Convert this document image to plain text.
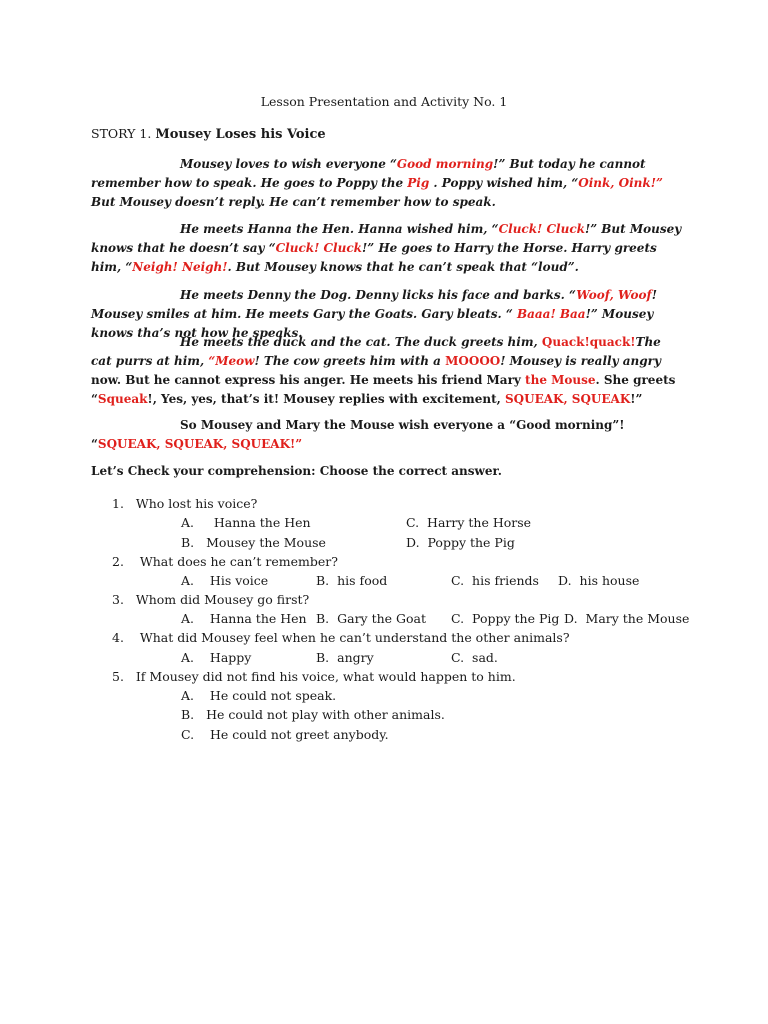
Lesson Presentation and Activity No. 1
STORY 1. Mousey Loses his Voice
Mousey loves to wish everyone “Good morning!” But today he cannot remember how to speak. He goes to Poppy the Pig . Poppy wished him, “Oink, Oink!” But Mousey doesn’t reply. He can’t remember how to speak.
He meets Hanna the Hen. Hanna wished him, “Cluck! Cluck!” But Mousey knows that he doesn’t say “Cluck! Cluck!” He goes to Harry the Horse. Harry greets him, “Neigh! Neigh!. But Mousey knows that he can’t speak that “loud”.
He meets Denny the Dog. Denny licks his face and barks. “Woof, Woof! Mousey smiles at him. He meets Gary the Goats. Gary bleats. “ Baaa! Baa!” Mousey knows tha’s not how he speaks.
He meets the duck and the cat. The duck greets him, Quack!quack!The cat purrs at him, “Meow! The cow greets him with a MOOOO! Mousey is really angry now. But he cannot express his anger. He meets his friend Mary the Mouse. She greets “Squeak!, Yes, yes, that’s it! Mousey replies with excitement, SQUEAK, SQUEAK!”
So Mousey and Mary the Mouse wish everyone a “Good morning”! “SQUEAK, SQUEAK, SQUEAK!”
Let’s Check your comprehension: Choose the correct answer.
1. Who lost his voice?
A. Hanna the Hen	C. Harry the Horse
B. Mousey the Mouse	D. Poppy the Pig
2. What does he can’t remember?
A. His voice	B. his food	C. his friends D. his house
3. Whom did Mousey go first?
A. Hanna the Hen B. Gary the Goat C. Poppy the Pig D. Mary the Mouse
4. What did Mousey feel when he can’t understand the other animals?
A. Happy	B. angry	C. sad.
5. If Mousey did not find his voice, what would happen to him.
A. He could not speak.
B. He could not play with other animals.
C. He could not greet anybody.
